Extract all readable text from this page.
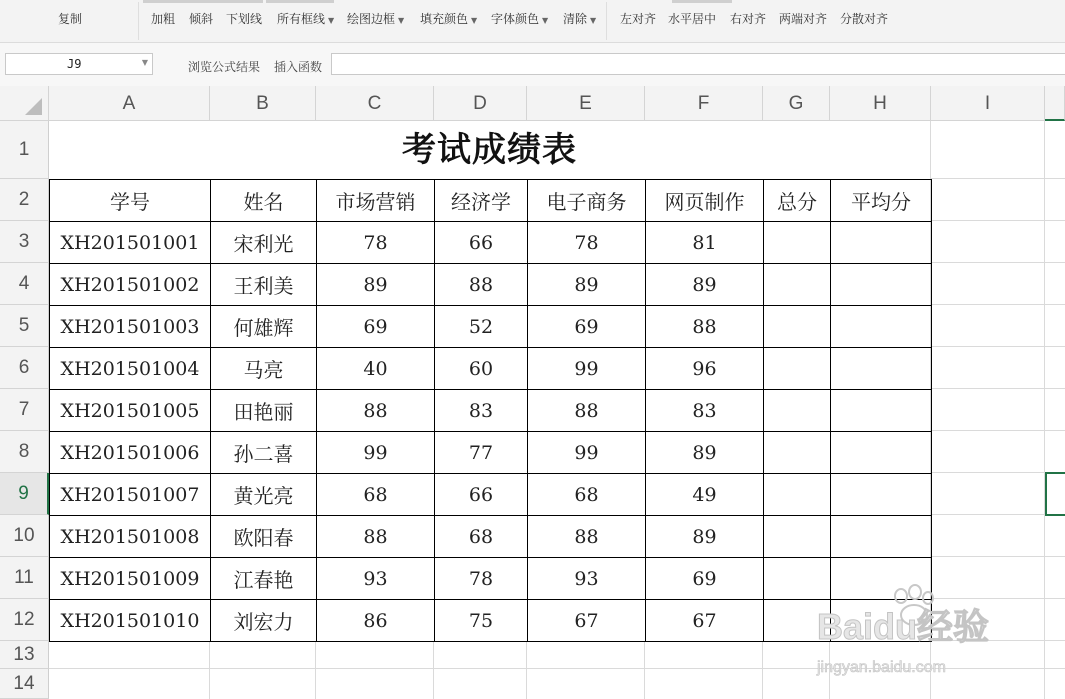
复制	加粗 倾斜 下划线 所有框线 ▼ 绘图边框 ▼ 填充颜色 ▼ 字体颜色 ▼ 清除 ▼ 左对齐 水平居中 右对齐 两端对齐 分散对齐
J9	▼	浏览公式结果 插入函数
A	B	C	D	E	F	G	H	I
1
2
3
4
5
6
7
8
9
10
11
12
13
14
考试成绩表
学号	姓名	市场营销	经济学	电子商务	网页制作	总分	平均分
XH201501001	宋利光	78	66	78	81		
XH201501002	王利美	89	88	89	89		
XH201501003	何雄辉	69	52	69	88		
XH201501004	马亮	40	60	99	96		
XH201501005	田艳丽	88	83	88	83		
XH201501006	孙二喜	99	77	99	89		
XH201501007	黄光亮	68	66	68	49		
XH201501008	欧阳春	88	68	88	89		
XH201501009	江春艳	93	78	93	69		
XH201501010	刘宏力	86	75	67	67			Baidu经验
jingyan.baidu.com
